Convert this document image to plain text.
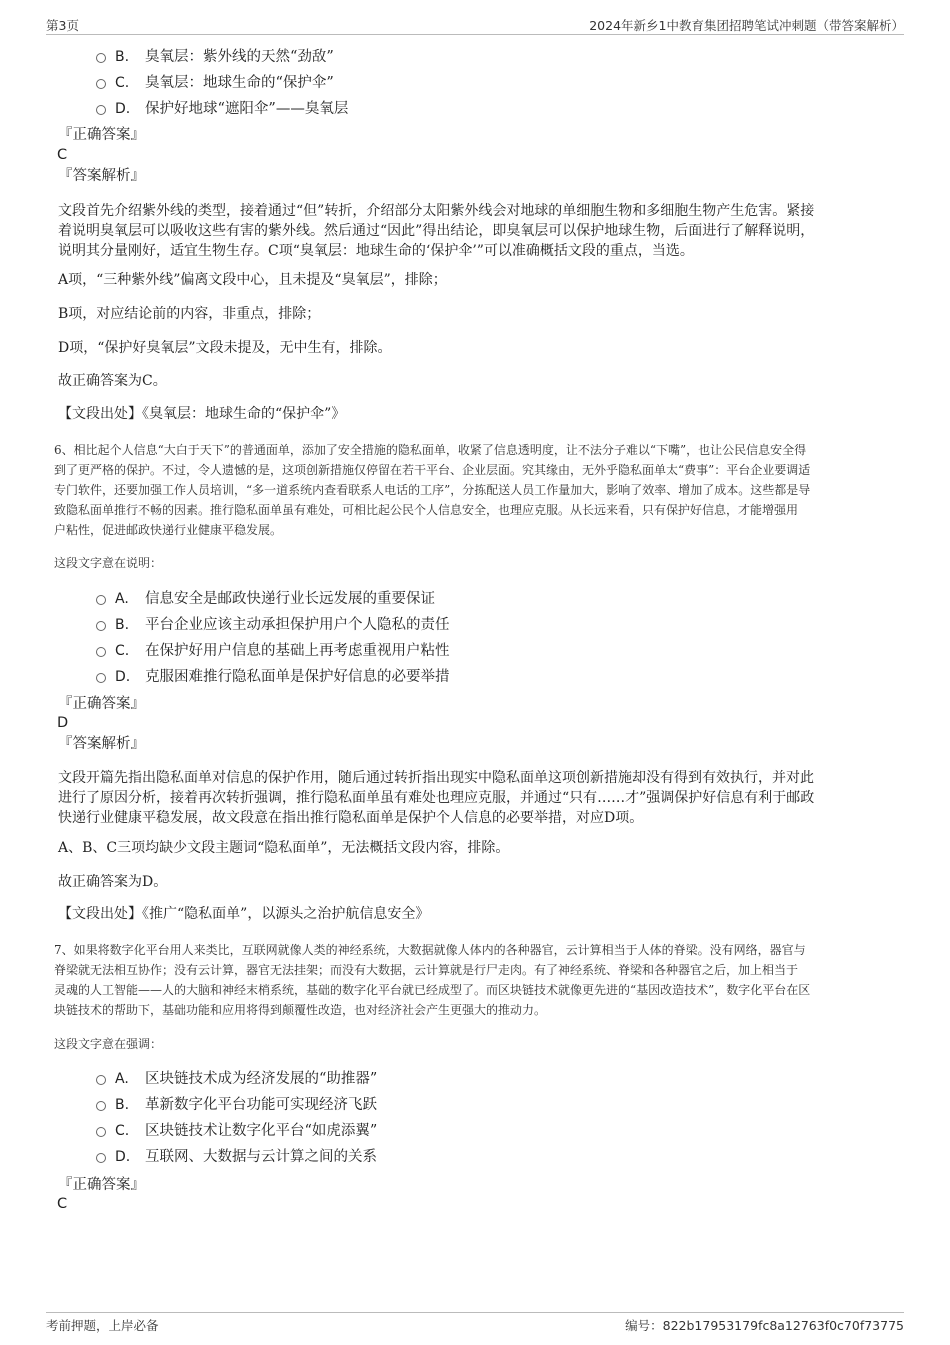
第3页	2024年新乡1中教育集团招聘笔试冲刺题（带答案解析）
B. 臭氧层：紫外线的天然“劲敌”
C. 臭氧层：地球生命的“保护伞”
D. 保护好地球“遮阳伞”——臭氧层
『正确答案』
C
『答案解析』
文段首先介绍紫外线的类型，接着通过“但”转折，介绍部分太阳紫外线会对地球的单细胞生物和多细胞生物产生危害。紧接
着说明臭氧层可以吸收这些有害的紫外线。然后通过“因此”得出结论，即臭氧层可以保护地球生物，后面进行了解释说明，
说明其分量刚好，适宜生物生存。C项“臭氧层：地球生命的‘保护伞’”可以准确概括文段的重点，当选。
A项，“三种紫外线”偏离文段中心，且未提及“臭氧层”，排除；
B项，对应结论前的内容，非重点，排除；
D项，“保护好臭氧层”文段未提及，无中生有，排除。
故正确答案为C。
【文段出处】《臭氧层：地球生命的“保护伞”》
6、相比起个人信息“大白于天下”的普通面单，添加了安全措施的隐私面单，收紧了信息透明度，让不法分子难以“下嘴”，也让公民信息安全得
到了更严格的保护。不过，令人遗憾的是，这项创新措施仅停留在若干平台、企业层面。究其缘由，无外乎隐私面单太“费事”：平台企业要调适
专门软件，还要加强工作人员培训，“多一道系统内查看联系人电话的工序”，分拣配送人员工作量加大，影响了效率、增加了成本。这些都是导
致隐私面单推行不畅的因素。推行隐私面单虽有难处，可相比起公民个人信息安全，也理应克服。从长远来看，只有保护好信息，才能增强用
户粘性，促进邮政快递行业健康平稳发展。
这段文字意在说明：
A. 信息安全是邮政快递行业长远发展的重要保证
B. 平台企业应该主动承担保护用户个人隐私的责任
C. 在保护好用户信息的基础上再考虑重视用户粘性
D. 克服困难推行隐私面单是保护好信息的必要举措
『正确答案』
D
『答案解析』
文段开篇先指出隐私面单对信息的保护作用，随后通过转折指出现实中隐私面单这项创新措施却没有得到有效执行，并对此
进行了原因分析，接着再次转折强调，推行隐私面单虽有难处也理应克服，并通过“只有……才”强调保护好信息有利于邮政
快递行业健康平稳发展，故文段意在指出推行隐私面单是保护个人信息的必要举措，对应D项。
A、B、C三项均缺少文段主题词“隐私面单”，无法概括文段内容，排除。
故正确答案为D。
【文段出处】《推广“隐私面单”，以源头之治护航信息安全》
7、如果将数字化平台用人来类比，互联网就像人类的神经系统，大数据就像人体内的各种器官，云计算相当于人体的脊梁。没有网络，器官与
脊梁就无法相互协作；没有云计算，器官无法挂架；而没有大数据，云计算就是行尸走肉。有了神经系统、脊梁和各种器官之后，加上相当于
灵魂的人工智能——人的大脑和神经末梢系统，基础的数字化平台就已经成型了。而区块链技术就像更先进的“基因改造技术”，数字化平台在区
块链技术的帮助下，基础功能和应用将得到颠覆性改造，也对经济社会产生更强大的推动力。
这段文字意在强调：
A. 区块链技术成为经济发展的“助推器”
B. 革新数字化平台功能可实现经济飞跃
C. 区块链技术让数字化平台“如虎添翼”
D. 互联网、大数据与云计算之间的关系
『正确答案』
C
考前押题，上岸必备	编号：822b17953179fc8a12763f0c70f73775
